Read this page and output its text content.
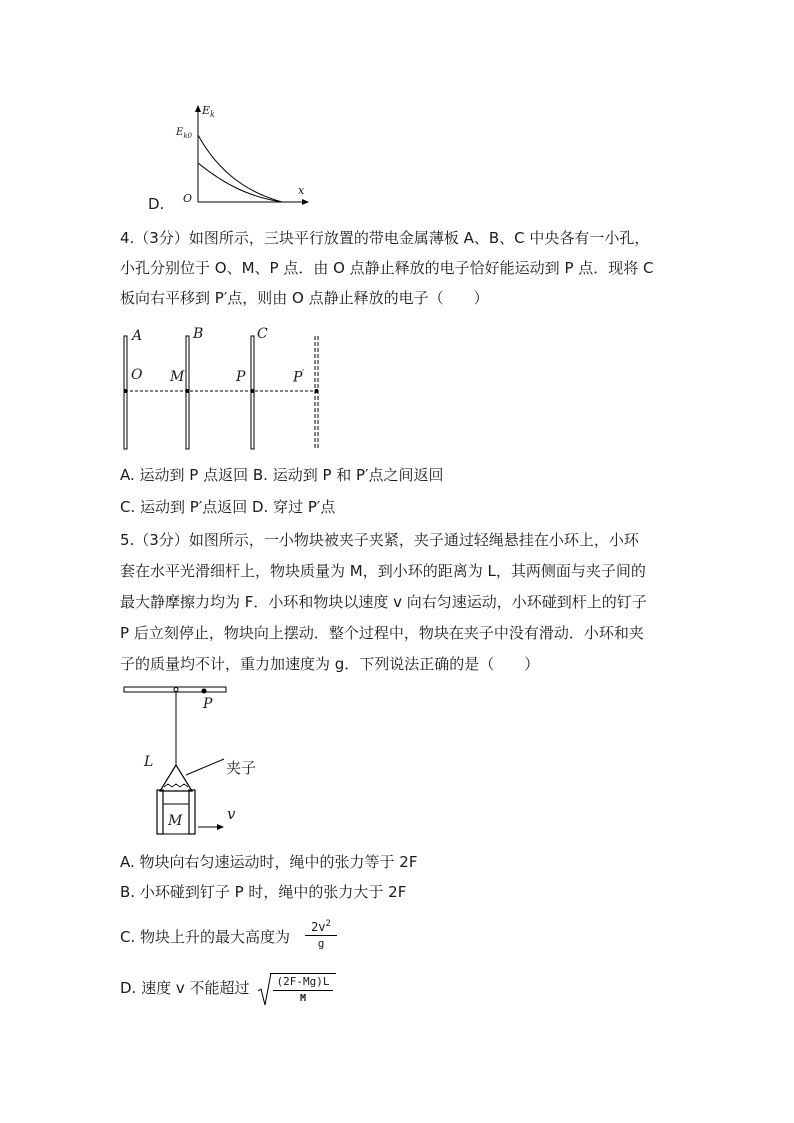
$E_k$
$E_{k0}$
O
x
D.
4.（3分）如图所示，三块平行放置的带电金属薄板 A、B、C 中央各有一小孔，
小孔分别位于 O、M、P 点．由 O 点静止释放的电子恰好能运动到 P 点．现将 C
板向右平移到 P′点，则由 O 点静止释放的电子（　　）
A	B	C
O M	P	P′
A. 运动到 P 点返回 B. 运动到 P 和 P′点之间返回
C. 运动到 P′点返回 D. 穿过 P′点
5.（3分）如图所示，一小物块被夹子夹紧，夹子通过轻绳悬挂在小环上，小环
套在水平光滑细杆上，物块质量为 M，到小环的距离为 L，其两侧面与夹子间的
最大静摩擦力均为 F．小环和物块以速度 v 向右匀速运动，小环碰到杆上的钉子
P 后立刻停止，物块向上摆动．整个过程中，物块在夹子中没有滑动．小环和夹
子的质量均不计，重力加速度为 g．下列说法正确的是（　　）
P
L	夹子
M	v
A. 物块向右匀速运动时，绳中的张力等于 2F
B. 小环碰到钉子 P 时，绳中的张力大于 2F
C. 物块上升的最大高度为
$2v^2$
g
D. 速度 v 不能超过	(2F-Mg)L
M
